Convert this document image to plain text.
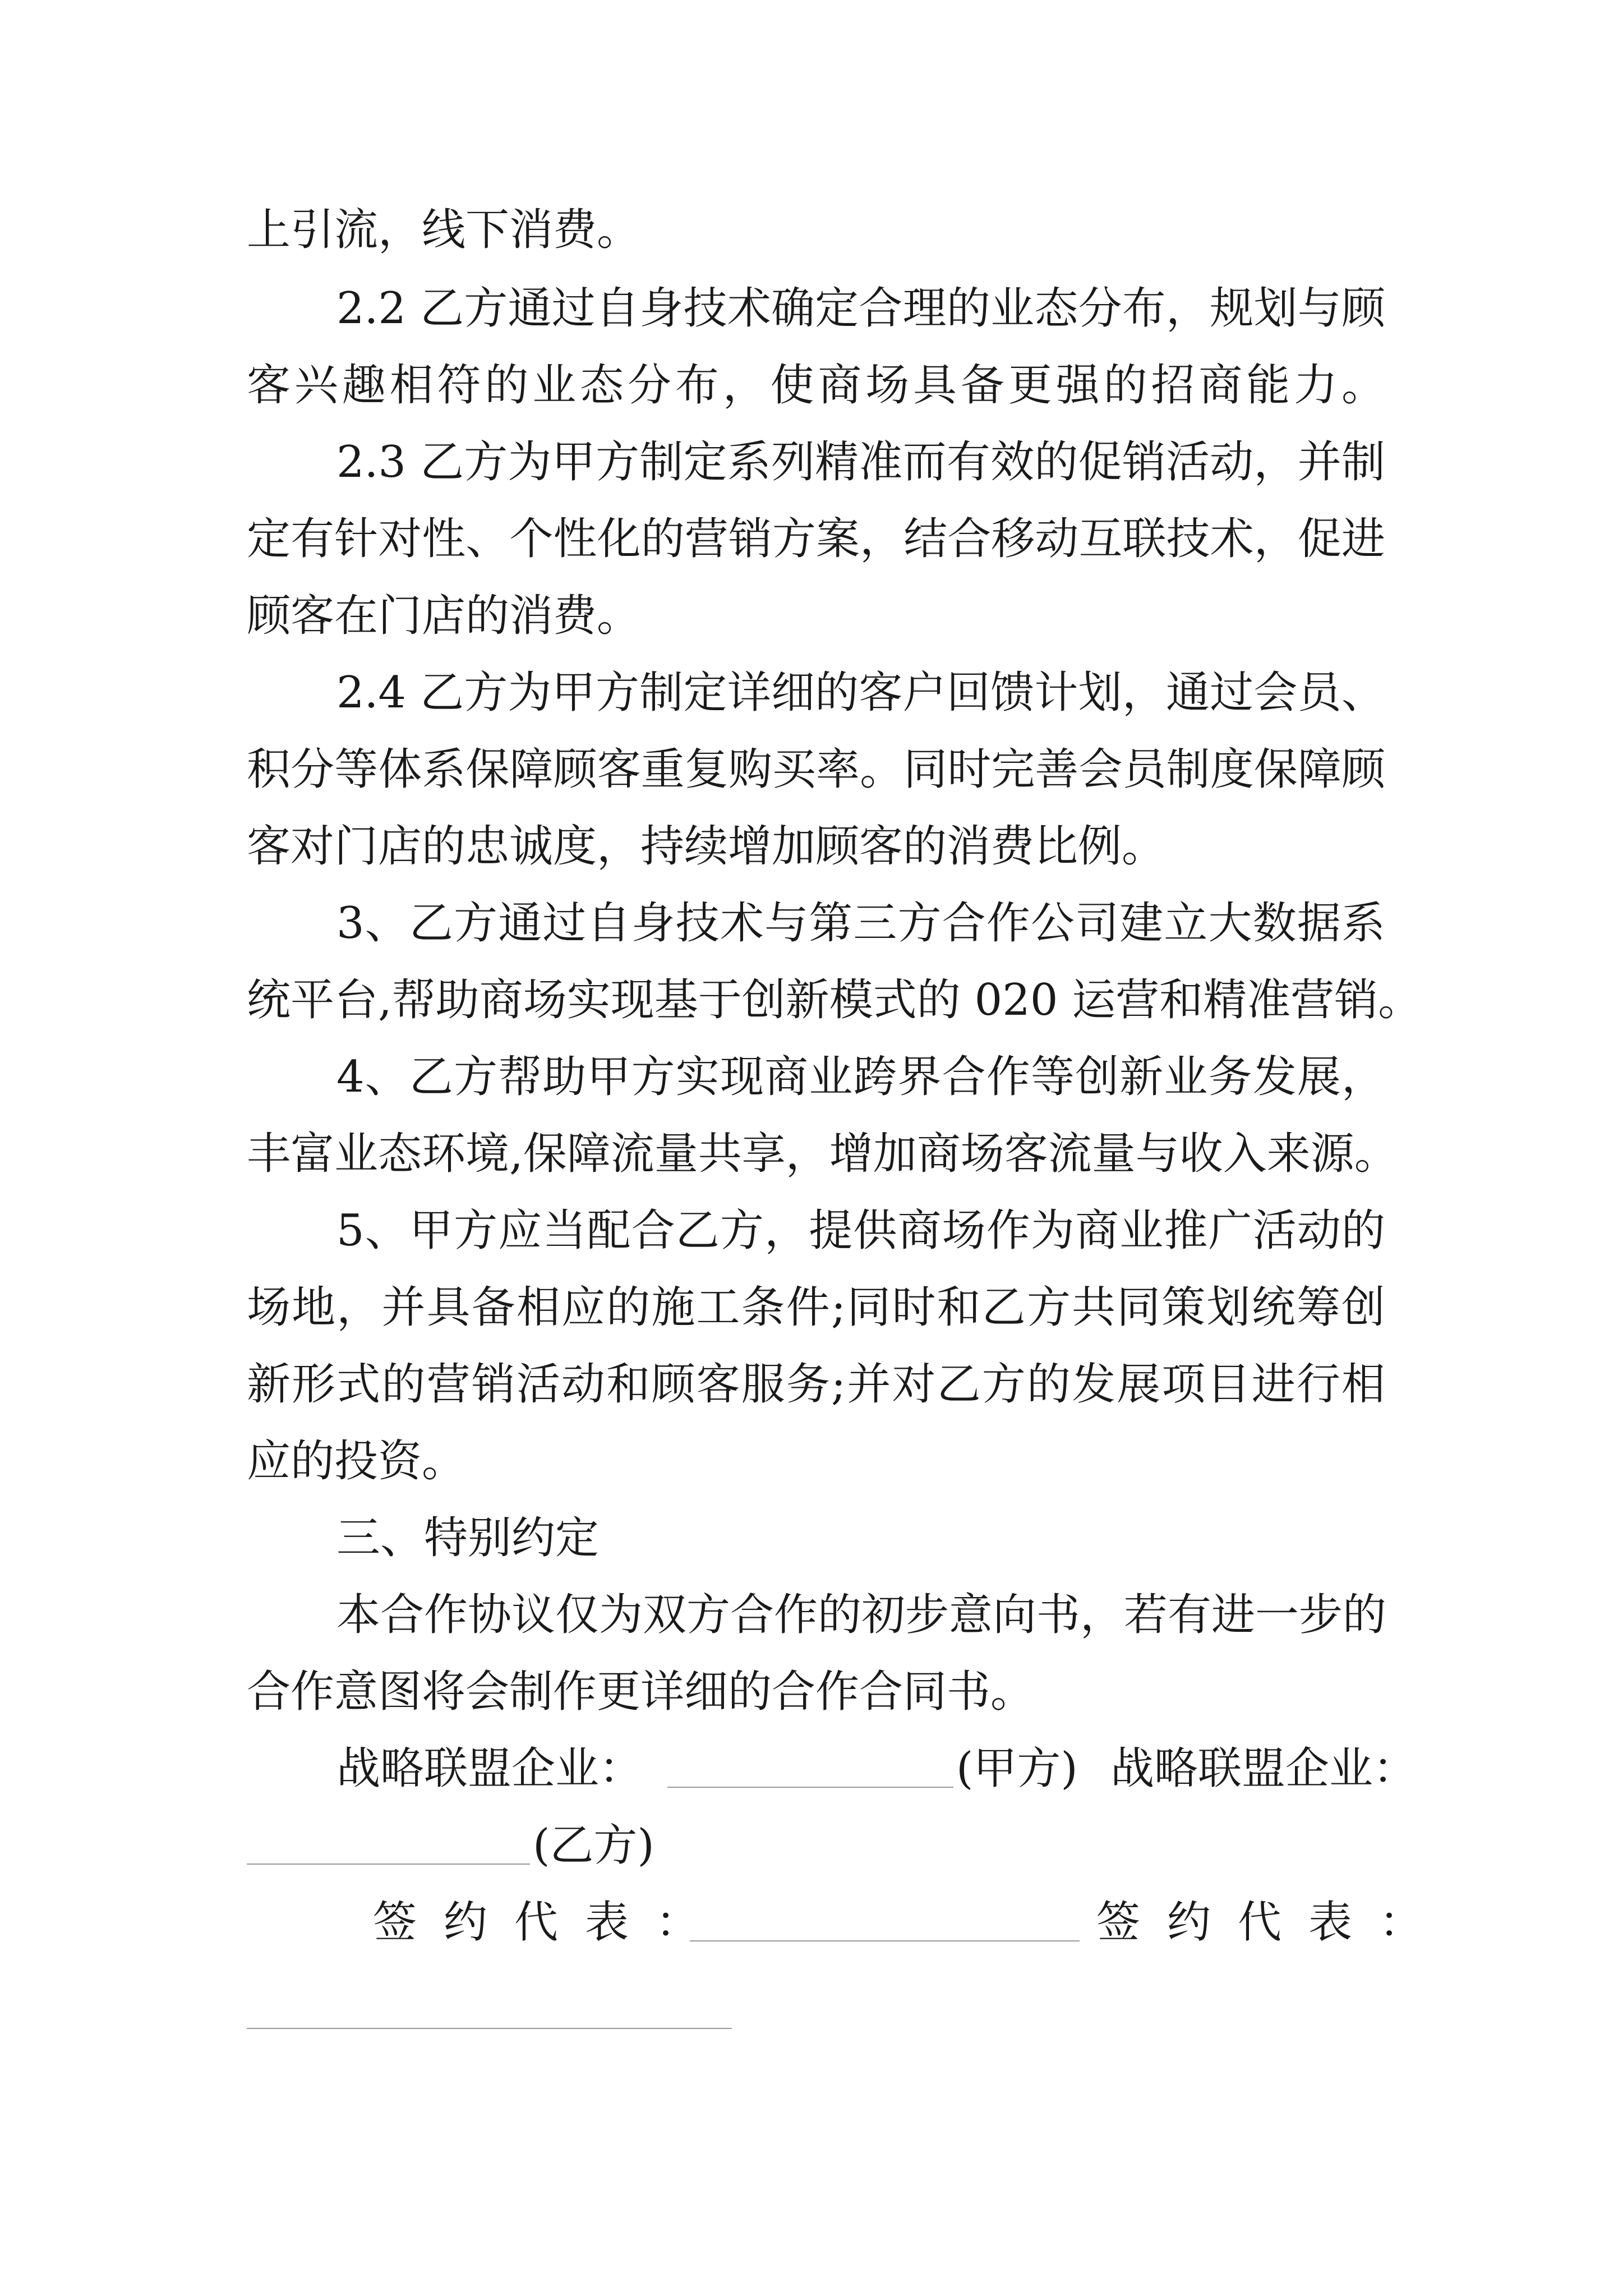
上引流，线下消费。
2.2 乙方通过自身技术确定合理的业态分布，规划与顾
客兴趣相符的业态分布，使商场具备更强的招商能力。
2.3 乙方为甲方制定系列精准而有效的促销活动，并制
定有针对性、个性化的营销方案，结合移动互联技术，促进
顾客在门店的消费。
2.4 乙方为甲方制定详细的客户回馈计划，通过会员、
积分等体系保障顾客重复购买率。同时完善会员制度保障顾
客对门店的忠诚度，持续增加顾客的消费比例。
3、乙方通过自身技术与第三方合作公司建立大数据系
统平台,帮助商场实现基于创新模式的 020 运营和精准营销。
4、乙方帮助甲方实现商业跨界合作等创新业务发展，
丰富业态环境,保障流量共享，增加商场客流量与收入来源。
5、甲方应当配合乙方，提供商场作为商业推广活动的
场地，并具备相应的施工条件;同时和乙方共同策划统筹创
新形式的营销活动和顾客服务;并对乙方的发展项目进行相
应的投资。
三、特别约定
本合作协议仅为双方合作的初步意向书，若有进一步的
合作意图将会制作更详细的合作合同书。
战略联盟企业：	(甲方) 战略联盟企业：
(乙方)
签约代表：	签约代表：
